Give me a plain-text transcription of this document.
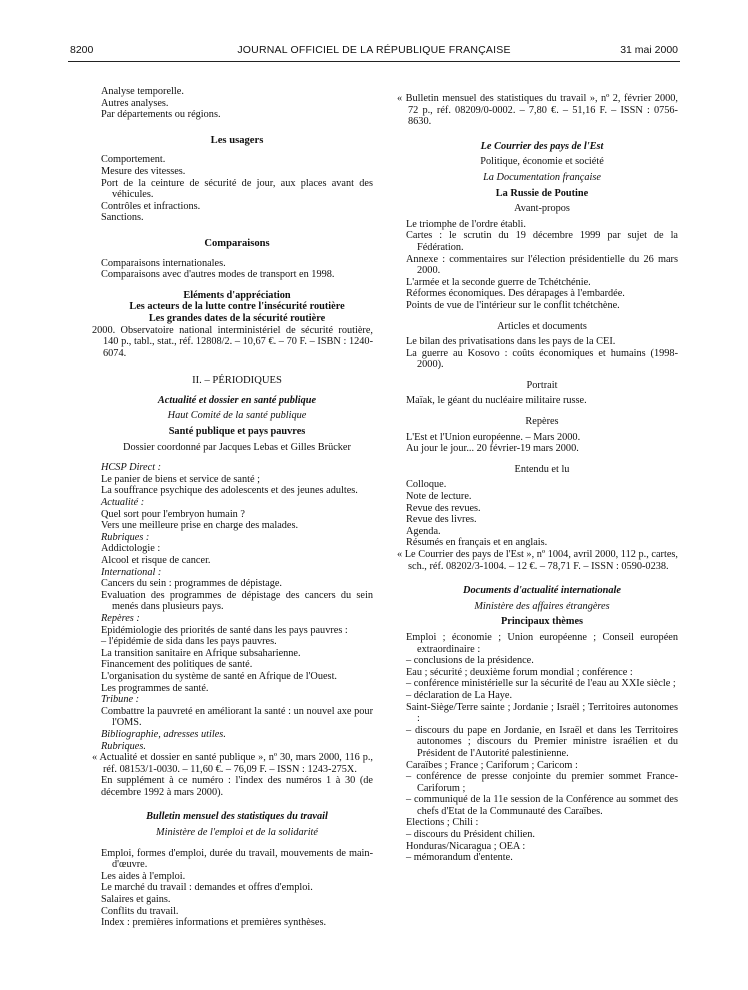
8200	JOURNAL OFFICIEL DE LA RÉPUBLIQUE FRANÇAISE	31 mai 2000
Analyse temporelle.
Autres analyses.
Par départements ou régions.
Les usagers
Comportement.
Mesure des vitesses.
Port de la ceinture de sécurité de jour, aux places avant des véhicules.
Contrôles et infractions.
Sanctions.
Comparaisons
Comparaisons internationales.
Comparaisons avec d'autres modes de transport en 1998.
Eléments d'appréciation
Les acteurs de la lutte contre l'insécurité routière
Les grandes dates de la sécurité routière
2000. Observatoire national interministériel de sécurité routière, 140 p., tabl., stat., réf. 12808/2. – 10,67 €. – 70 F. – ISBN : 1240-6074.
II. – PÉRIODIQUES
Actualité et dossier en santé publique
Haut Comité de la santé publique
Santé publique et pays pauvres
Dossier coordonné par Jacques Lebas et Gilles Brücker
HCSP Direct :
Le panier de biens et service de santé ;
La souffrance psychique des adolescents et des jeunes adultes.
Actualité :
Quel sort pour l'embryon humain ?
Vers une meilleure prise en charge des malades.
Rubriques :
Addictologie :
Alcool et risque de cancer.
International :
Cancers du sein : programmes de dépistage.
Evaluation des programmes de dépistage des cancers du sein menés dans plusieurs pays.
Repères :
Epidémiologie des priorités de santé dans les pays pauvres :
– l'épidémie de sida dans les pays pauvres.
La transition sanitaire en Afrique subsaharienne.
Financement des politiques de santé.
L'organisation du système de santé en Afrique de l'Ouest.
Les programmes de santé.
Tribune :
Combattre la pauvreté en améliorant la santé : un nouvel axe pour l'OMS.
Bibliographie, adresses utiles.
Rubriques.
« Actualité et dossier en santé publique », nº 30, mars 2000, 116 p., réf. 08153/1-0030. – 11,60 €. – 76,09 F. – ISSN : 1243-275X.
En supplément à ce numéro : l'index des numéros 1 à 30 (de décembre 1992 à mars 2000).
Bulletin mensuel des statistiques du travail
Ministère de l'emploi et de la solidarité
Emploi, formes d'emploi, durée du travail, mouvements de main-d'œuvre.
Les aides à l'emploi.
Le marché du travail : demandes et offres d'emploi.
Salaires et gains.
Conflits du travail.
Index : premières informations et premières synthèses.
« Bulletin mensuel des statistiques du travail », nº 2, février 2000, 72 p., réf. 08209/0-0002. – 7,80 €. – 51,16 F. – ISSN : 0756-8630.
Le Courrier des pays de l'Est
Politique, économie et société
La Documentation française
La Russie de Poutine
Avant-propos
Le triomphe de l'ordre établi.
Cartes : le scrutin du 19 décembre 1999 par sujet de la Fédération.
Annexe : commentaires sur l'élection présidentielle du 26 mars 2000.
L'armée et la seconde guerre de Tchétchénie.
Réformes économiques. Des dérapages à l'embardée.
Points de vue de l'intérieur sur le conflit tchétchène.
Articles et documents
Le bilan des privatisations dans les pays de la CEI.
La guerre au Kosovo : coûts économiques et humains (1998-2000).
Portrait
Maïak, le géant du nucléaire militaire russe.
Repères
L'Est et l'Union européenne. – Mars 2000.
Au jour le jour... 20 février-19 mars 2000.
Entendu et lu
Colloque.
Note de lecture.
Revue des revues.
Revue des livres.
Agenda.
Résumés en français et en anglais.
« Le Courrier des pays de l'Est », nº 1004, avril 2000, 112 p., cartes, sch., réf. 08202/3-1004. – 12 €. – 78,71 F. – ISSN : 0590-0238.
Documents d'actualité internationale
Ministère des affaires étrangères
Principaux thèmes
Emploi ; économie ; Union européenne ; Conseil européen extraordinaire :
– conclusions de la présidence.
Eau ; sécurité ; deuxième forum mondial ; conférence :
– conférence ministérielle sur la sécurité de l'eau au XXIe siècle ;
– déclaration de La Haye.
Saint-Siège/Terre sainte ; Jordanie ; Israël ; Territoires autonomes :
– discours du pape en Jordanie, en Israël et dans les Territoires autonomes ; discours du Premier ministre israélien et du Président de l'Autorité palestinienne.
Caraïbes ; France ; Cariforum ; Caricom :
– conférence de presse conjointe du premier sommet France-Cariforum ;
– communiqué de la 11e session de la Conférence au sommet des chefs d'Etat de la Communauté des Caraïbes.
Elections ; Chili :
– discours du Président chilien.
Honduras/Nicaragua ; OEA :
– mémorandum d'entente.
